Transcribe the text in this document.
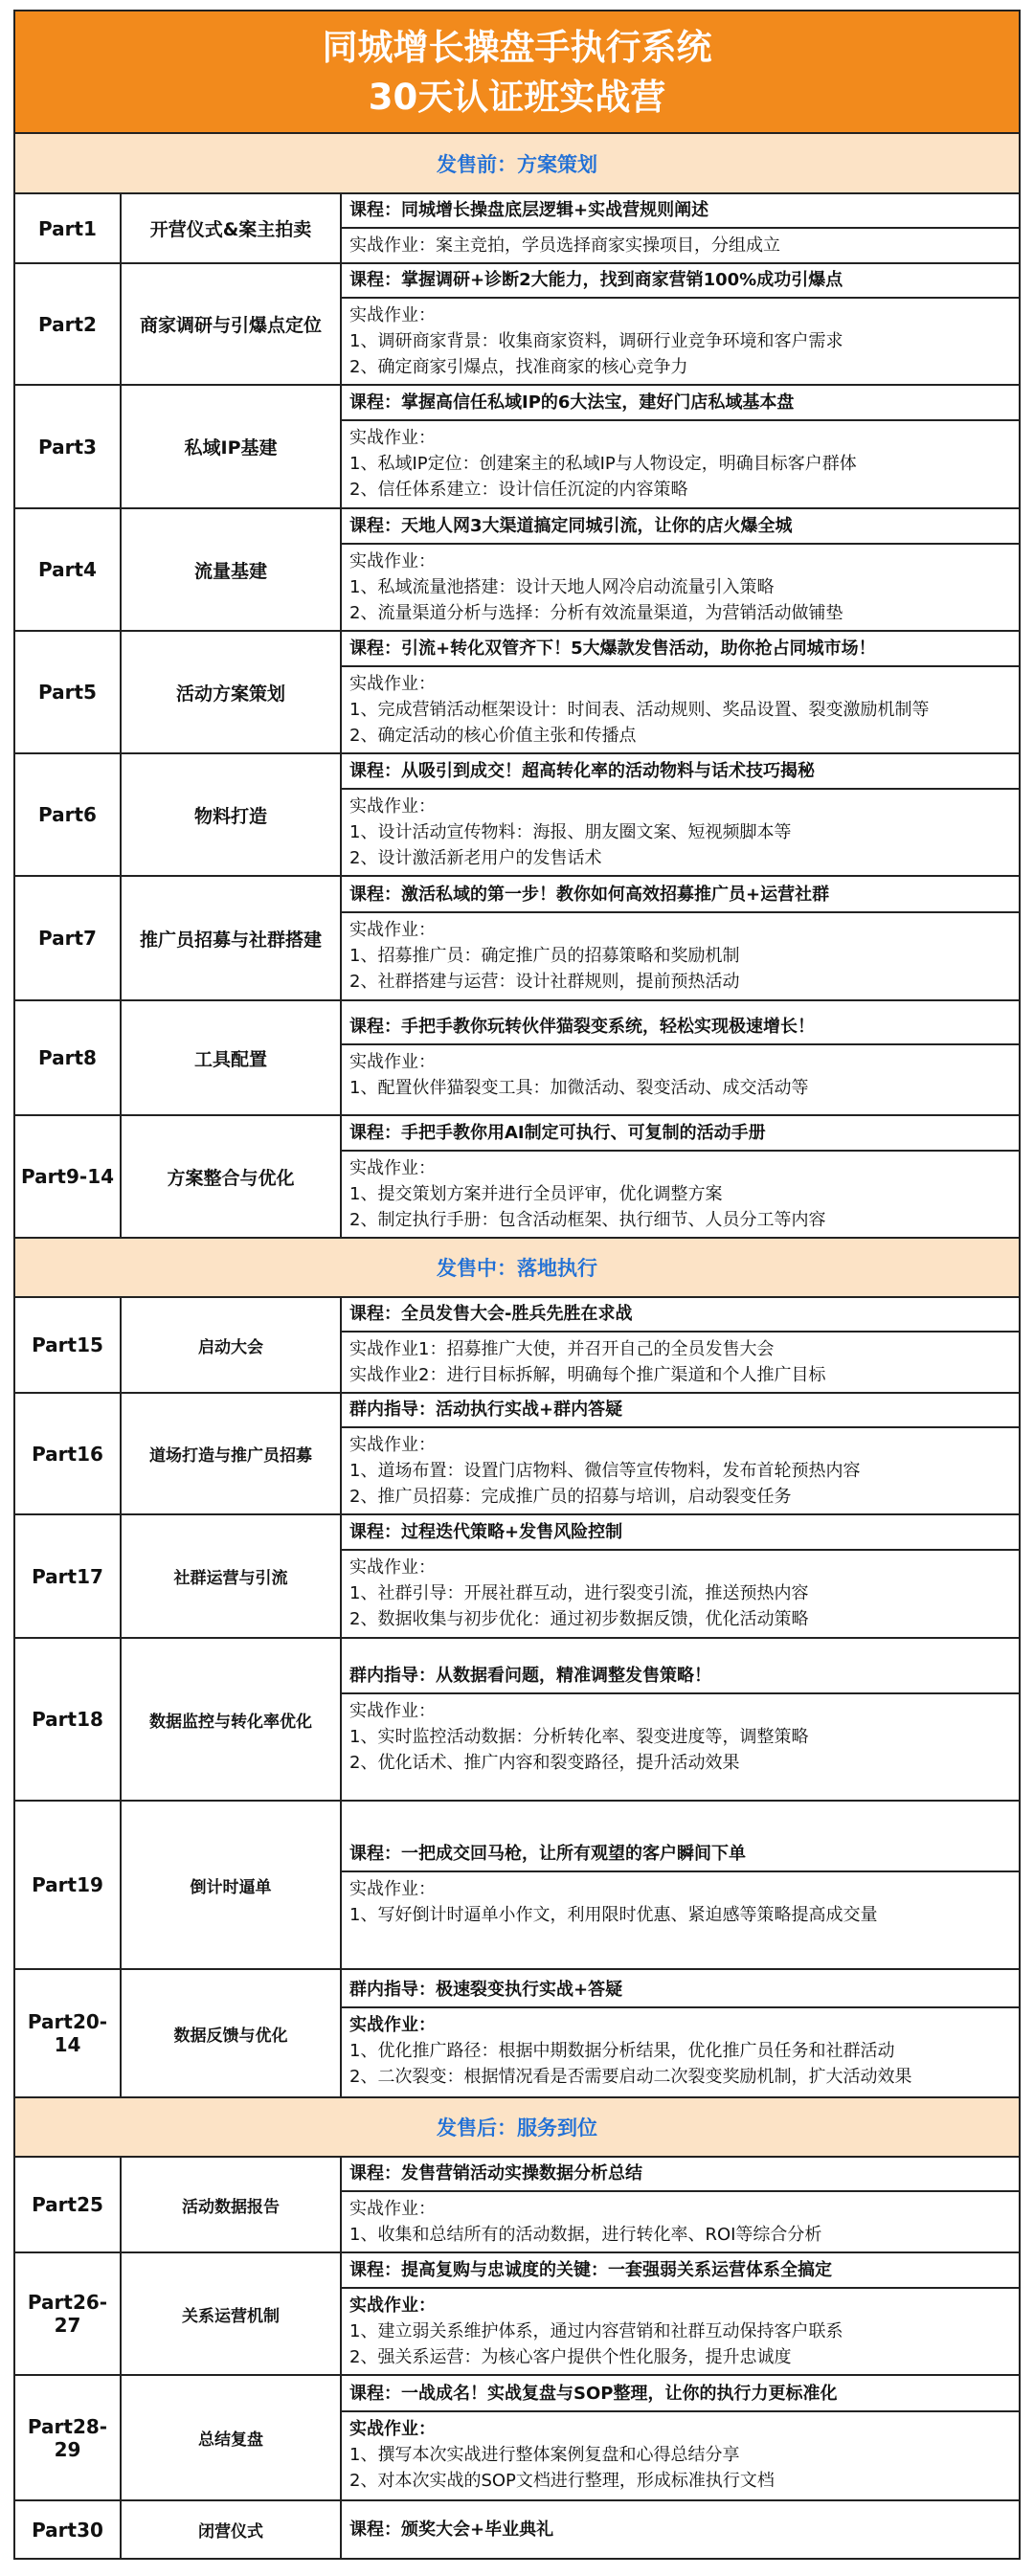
同城增长操盘手执行系统
30天认证班实战营
发售前：方案策划		
Part1	开营仪式&案主拍卖	课程：同城增长操盘底层逻辑+实战营规则阐述
实战作业：案主竞拍，学员选择商家实操项目，分组成立

Part2	商家调研与引爆点定位	课程：掌握调研+诊断2大能力，找到商家营销100%成功引爆点
实战作业：
1、调研商家背景：收集商家资料，调研行业竞争环境和客户需求
2、确定商家引爆点，找准商家的核心竞争力

Part3	私域IP基建	课程：掌握高信任私域IP的6大法宝，建好门店私域基本盘
实战作业：
1、私域IP定位：创建案主的私域IP与人物设定，明确目标客户群体
2、信任体系建立：设计信任沉淀的内容策略

Part4	流量基建	课程：天地人网3大渠道搞定同城引流，让你的店火爆全城
实战作业：
1、私域流量池搭建：设计天地人网冷启动流量引入策略
2、流量渠道分析与选择：分析有效流量渠道，为营销活动做铺垫

Part5	活动方案策划	课程：引流+转化双管齐下！5大爆款发售活动，助你抢占同城市场！
实战作业：
1、完成营销活动框架设计：时间表、活动规则、奖品设置、裂变激励机制等
2、确定活动的核心价值主张和传播点

Part6	物料打造	课程：从吸引到成交！超高转化率的活动物料与话术技巧揭秘
实战作业：
1、设计活动宣传物料：海报、朋友圈文案、短视频脚本等
2、设计激活新老用户的发售话术

Part7	推广员招募与社群搭建	课程：激活私域的第一步！教你如何高效招募推广员+运营社群
实战作业：
1、招募推广员：确定推广员的招募策略和奖励机制
2、社群搭建与运营：设计社群规则，提前预热活动

Part8	工具配置	课程：手把手教你玩转伙伴猫裂变系统，轻松实现极速增长！
实战作业：
1、配置伙伴猫裂变工具：加微活动、裂变活动、成交活动等

Part9-14	方案整合与优化	课程：手把手教你用AI制定可执行、可复制的活动手册
实战作业：
1、提交策划方案并进行全员评审，优化调整方案
2、制定执行手册：包含活动框架、执行细节、人员分工等内容

发售中：落地执行		
Part15	启动大会	课程：全员发售大会-胜兵先胜在求战
实战作业1：招募推广大使，并召开自己的全员发售大会
实战作业2：进行目标拆解，明确每个推广渠道和个人推广目标

Part16	道场打造与推广员招募	群内指导：活动执行实战+群内答疑
实战作业：
1、道场布置：设置门店物料、微信等宣传物料，发布首轮预热内容
2、推广员招募：完成推广员的招募与培训，启动裂变任务

Part17	社群运营与引流	课程：过程迭代策略+发售风险控制
实战作业：
1、社群引导：开展社群互动，进行裂变引流，推送预热内容
2、数据收集与初步优化：通过初步数据反馈，优化活动策略

Part18	数据监控与转化率优化	群内指导：从数据看问题，精准调整发售策略！
实战作业：
1、实时监控活动数据：分析转化率、裂变进度等，调整策略
2、优化话术、推广内容和裂变路径，提升活动效果

Part19	倒计时逼单	课程：一把成交回马枪，让所有观望的客户瞬间下单
实战作业：
1、写好倒计时逼单小作文，利用限时优惠、紧迫感等策略提高成交量

Part20-14	数据反馈与优化	群内指导：极速裂变执行实战+答疑
实战作业：
1、优化推广路径：根据中期数据分析结果，优化推广员任务和社群活动
2、二次裂变：根据情况看是否需要启动二次裂变奖励机制，扩大活动效果

发售后：服务到位		
Part25	活动数据报告	课程：发售营销活动实操数据分析总结
实战作业：
1、收集和总结所有的活动数据，进行转化率、ROI等综合分析

Part26-27	关系运营机制	课程：提高复购与忠诚度的关键：一套强弱关系运营体系全搞定
实战作业：
1、建立弱关系维护体系，通过内容营销和社群互动保持客户联系
2、强关系运营：为核心客户提供个性化服务，提升忠诚度

Part28-29	总结复盘	课程：一战成名！实战复盘与SOP整理，让你的执行力更标准化
实战作业：
1、撰写本次实战进行整体案例复盘和心得总结分享
2、对本次实战的SOP文档进行整理，形成标准执行文档

Part30	闭营仪式	课程：颁奖大会+毕业典礼
